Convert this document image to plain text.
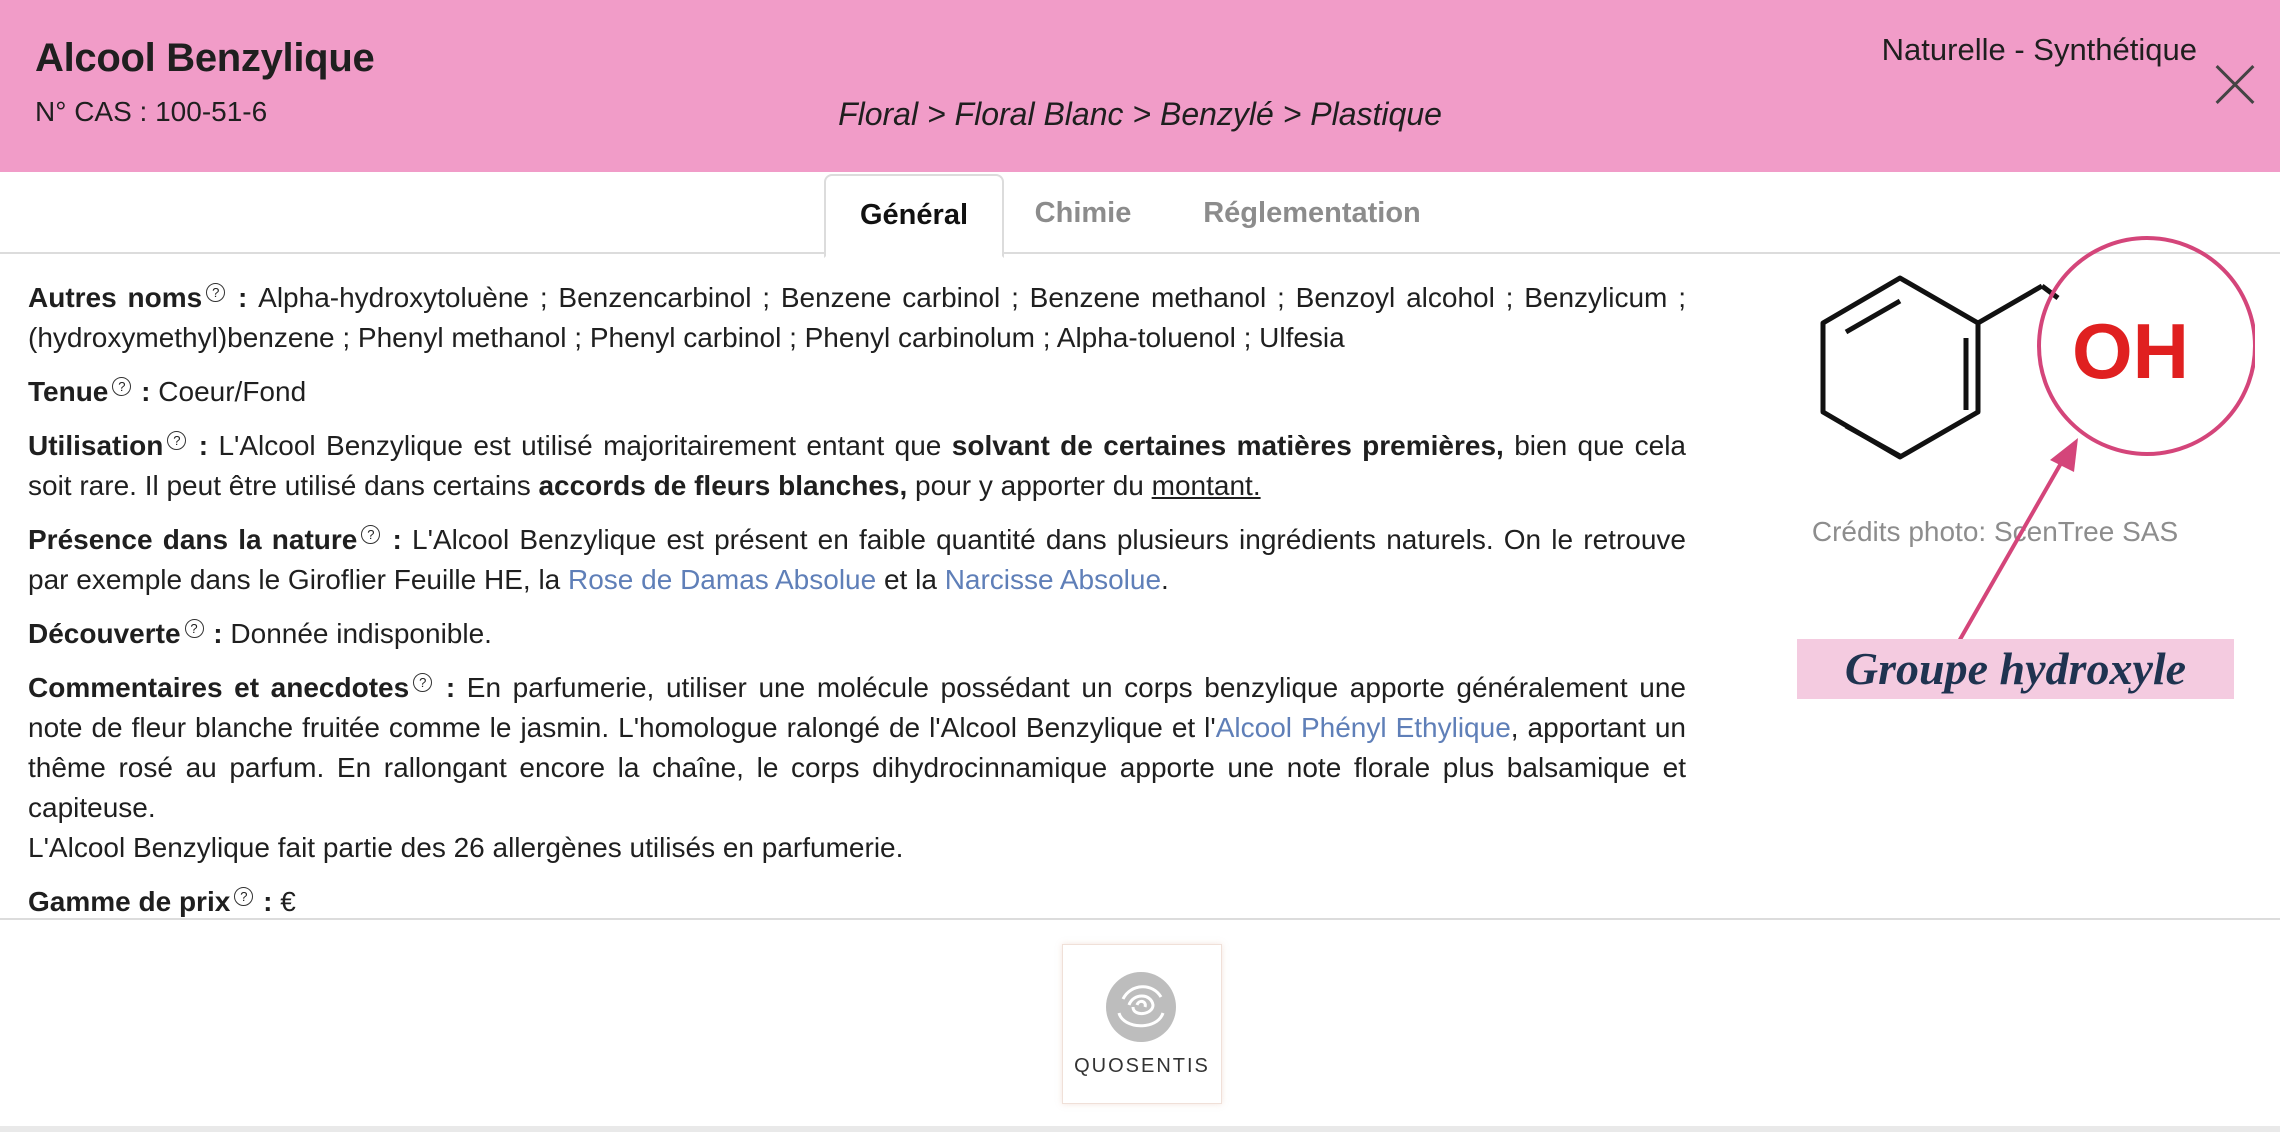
Alcool Benzylique
N° CAS : 100-51-6	Floral > Floral Blanc > Benzylé > Plastique
Naturelle - Synthétique
Général	Chimie	Réglementation

Autres noms ? : Alpha-hydroxytoluène ; Benzencarbinol ; Benzene carbinol ; Benzene methanol ; Benzoyl alcohol ; Benzylicum ; (hydroxymethyl)benzene ; Phenyl methanol ; Phenyl carbinol ; Phenyl carbinolum ; Alpha-toluenol ; Ulfesia

Tenue ? : Coeur/Fond

Utilisation ? : L'Alcool Benzylique est utilisé majoritairement entant que solvant de certaines matières premières, bien que cela soit rare. Il peut être utilisé dans certains accords de fleurs blanches, pour y apporter du montant.

Présence dans la nature ? : L'Alcool Benzylique est présent en faible quantité dans plusieurs ingrédients naturels. On le retrouve par exemple dans le Giroflier Feuille HE, la Rose de Damas Absolue et la Narcisse Absolue.

Découverte ? : Donnée indisponible.

Commentaires et anecdotes ? : En parfumerie, utiliser une molécule possédant un corps benzylique apporte généralement une note de fleur blanche fruitée comme le jasmin. L'homologue ralongé de l'Alcool Benzylique et l'Alcool Phényl Ethylique, apportant un thême rosé au parfum. En rallongant encore la chaîne, le corps dihydrocinnamique apporte une note florale plus balsamique et capiteuse.
L'Alcool Benzylique fait partie des 26 allergènes utilisés en parfumerie.

Gamme de prix ? : €

OH
Crédits photo: ScenTree SAS
Groupe hydroxyle
QUOSENTIS
